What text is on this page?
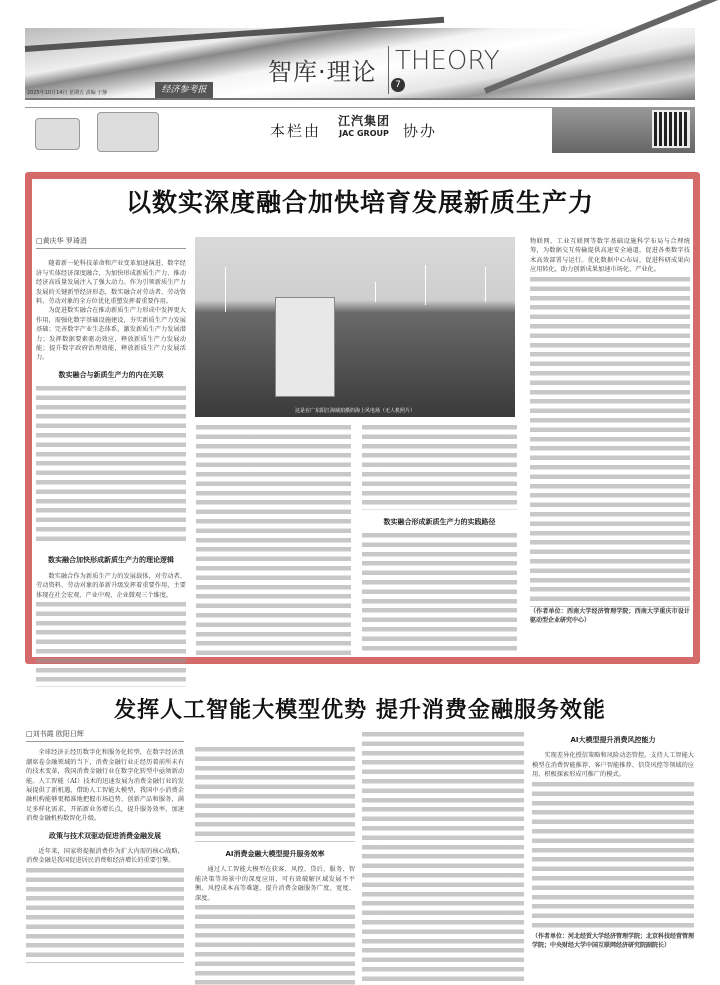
智库·理论 THEORY
7
2025年10月14日 星期五 责编 于静	经济参考报
本栏由	协办
江汽集团
JAC GROUP
以数实深度融合加快培育发展新质生产力
□黄庆华 罗琦涓

随着新一轮科技革命和产业变革加速演进，数字经济与实体经济深度融合，为加快形成新质生产力、推动经济高质量发展注入了强大动力。作为引领新质生产力发展的关键新型经济形态，数实融合对劳动者、劳动资料、劳动对象的全方位优化重塑发挥着重要作用。

为促进数实融合在推动新质生产力形成中发挥更大作用，需强化数字基础设施建设，夯实新质生产力发展基础；完善数字产业生态体系，激发新质生产力发展潜力；发挥数据要素驱动效应，释放新质生产力发展动能；提升数字政府治理效能，释放新质生产力发展活力。

数实融合与新质生产力的内在关联
数实融合加快形成新质生产力的理论逻辑

数实融合作为新质生产力的发展载体，对劳动者、劳动资料、劳动对象的革新升级发挥着重要作用，主要体现在社会宏观、产业中观、企业微观三个维度。

这是在广东阳江海域拍摄的海上风电场（无人机照片）
数实融合形成新质生产力的实践路径

物联网、工业互联网等数字基础设施科学布局与合理统筹，为数据交互传输提供高速安全通道，促进各类数字技术高效部署与运行。优化数据中心布局，促进科研成果向应用转化，助力创新成果加速市场化、产业化。

（作者单位：西南大学经济管理学院；西南大学重庆市设计驱动型企业研究中心）
发挥人工智能大模型优势 提升消费金融服务效能
□刘书霞 欧阳日辉

全球经济正经历数字化和服务化转型，在数字经济浪潮席卷金融领域的当下，消费金融行业正经历着前所未有的技术变革，我国消费金融行业在数字化转型中亟须新动能。人工智能（AI）技术的迅速发展为消费金融行业的发展提供了新机遇，借助人工智能大模型，我国中小消费金融机构能够更精准地把握市场趋势、创新产品和服务，满足多样化需求，开拓新业务增长点，提升服务效率，加速消费金融机构数智化升级。

政策与技术双驱动促进消费金融发展

近年来，国家将提振消费作为扩大内需的核心战略，消费金融是我国促进居民消费和经济增长的重要引擎。

AI消费金融大模型提升服务效率

通过人工智能大模型在获客、风控、贷后、服务、智能决策等场景中的深度应用，可有效破解区域发展不平衡、风控成本高等难题，提升消费金融服务广度、宽度、深度。

AI大模型提升消费风控能力

实现差异化授信策略和风险动态管控。支持人工智能大模型在消费智能推荐、客户智能推荐、信贷风控等领域的应用，积极探索形成可推广的模式。

（作者单位：河北经贸大学经济管理学院；北京科技经营管理学院；中央财经大学中国互联网经济研究院副院长）
